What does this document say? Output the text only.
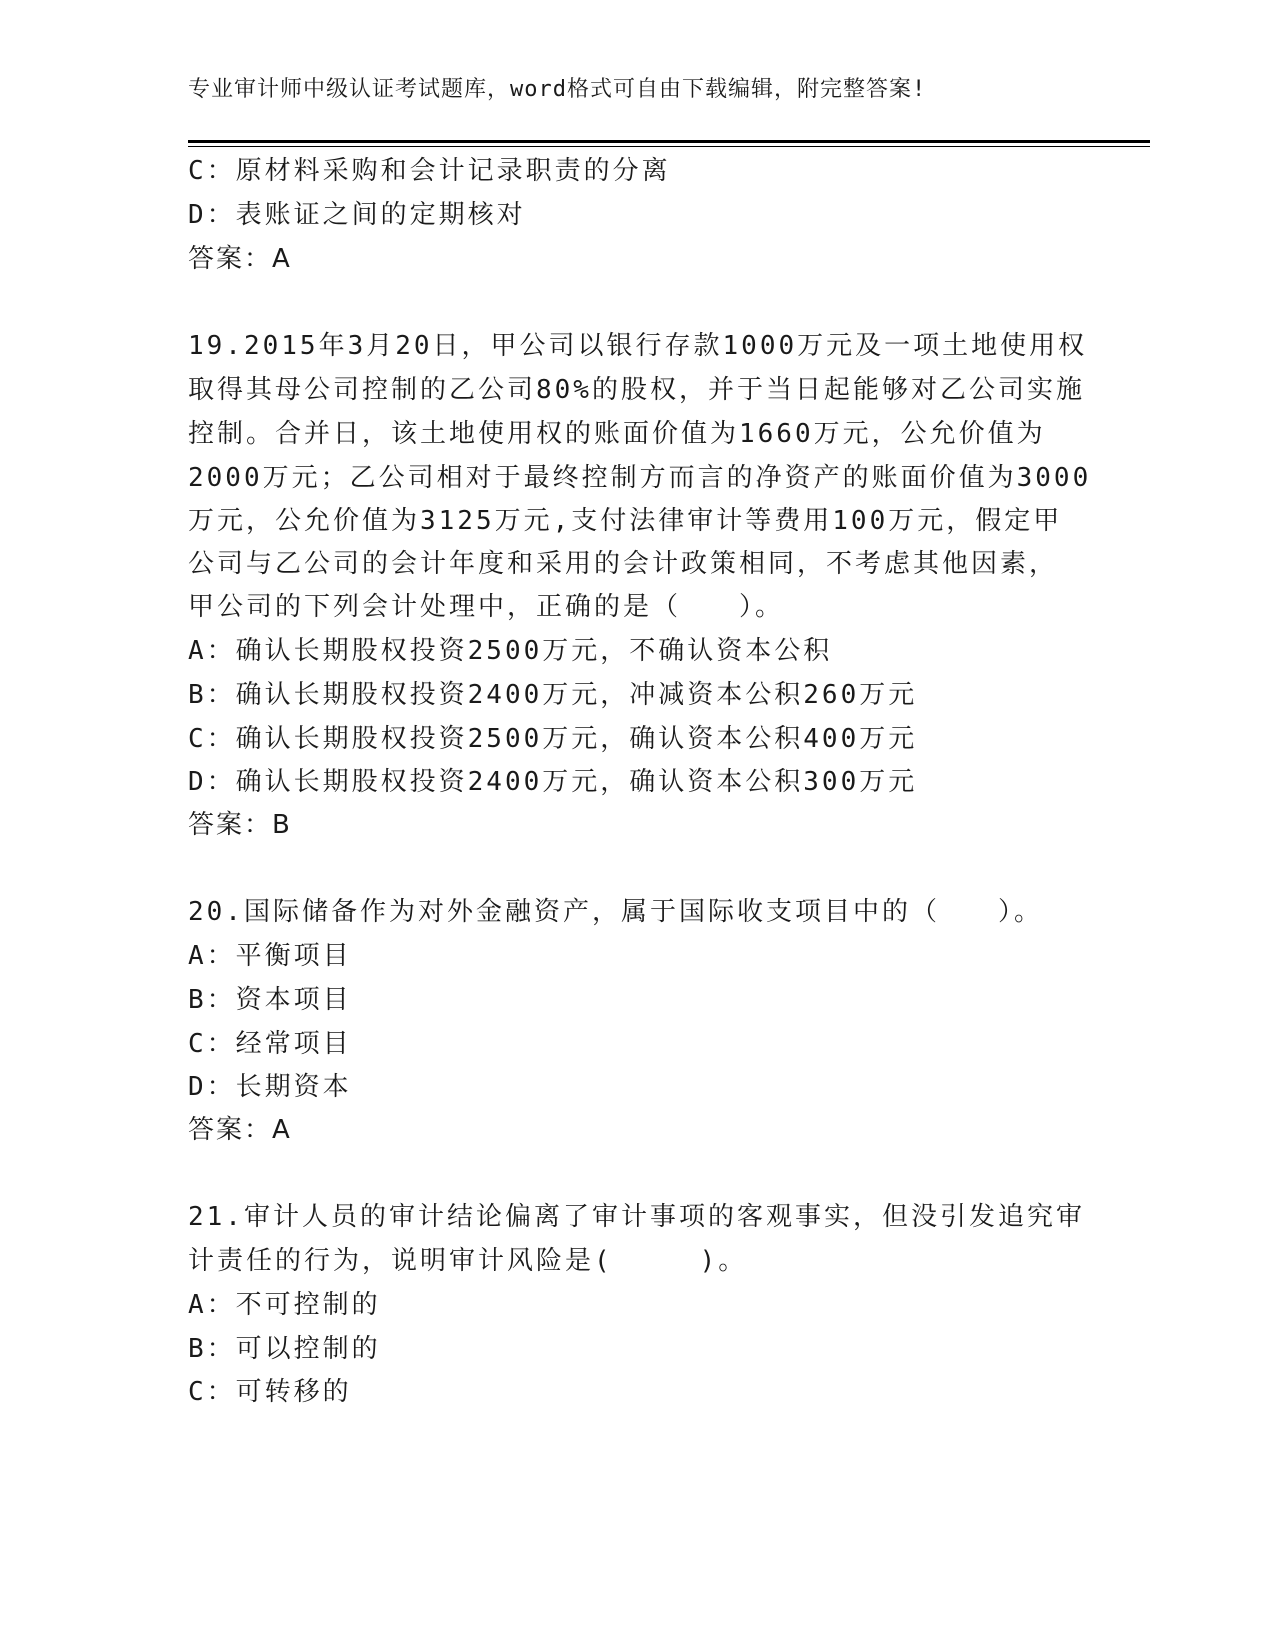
专业审计师中级认证考试题库，word格式可自由下载编辑，附完整答案!
C：原材料采购和会计记录职责的分离
D：表账证之间的定期核对
答案：A
19.2015年3月20日，甲公司以银行存款1000万元及一项土地使用权
取得其母公司控制的乙公司80%的股权，并于当日起能够对乙公司实施
控制。合并日，该土地使用权的账面价值为1660万元，公允价值为
2000万元；乙公司相对于最终控制方而言的净资产的账面价值为3000
万元，公允价值为3125万元,支付法律审计等费用100万元，假定甲
公司与乙公司的会计年度和采用的会计政策相同，不考虑其他因素，
甲公司的下列会计处理中，正确的是（　　）。
A：确认长期股权投资2500万元，不确认资本公积
B：确认长期股权投资2400万元，冲减资本公积260万元
C：确认长期股权投资2500万元，确认资本公积400万元
D：确认长期股权投资2400万元，确认资本公积300万元
答案：B
20.国际储备作为对外金融资产，属于国际收支项目中的（　　）。
A：平衡项目
B：资本项目
C：经常项目
D：长期资本
答案：A
21.审计人员的审计结论偏离了审计事项的客观事实，但没引发追究审
计责任的行为，说明审计风险是(　　　)。
A：不可控制的
B：可以控制的
C：可转移的
